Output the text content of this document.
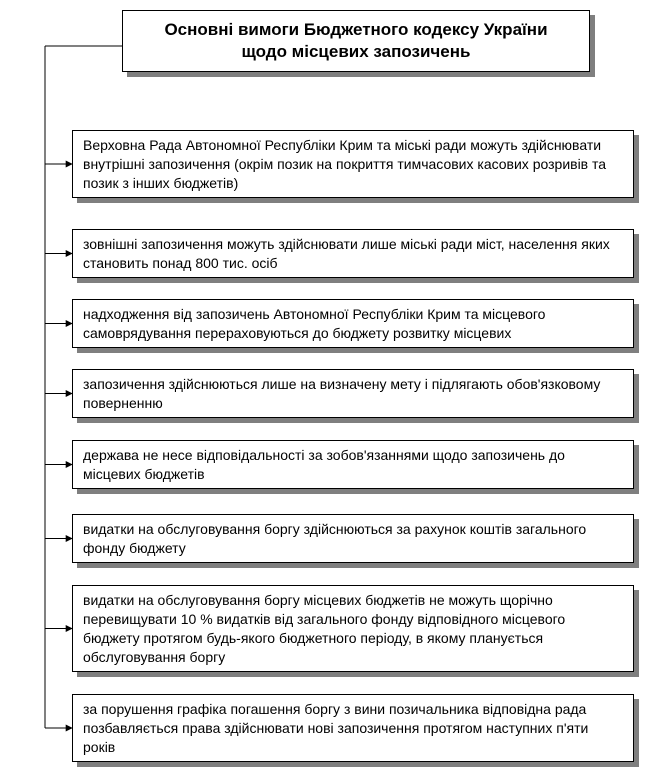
Основні вимоги Бюджетного кодексу України
щодо місцевих запозичень
Верховна Рада Автономної Республіки Крим та міські ради можуть здійснювати внутрішні запозичення (окрім позик на покриття тимчасових касових розривів та позик з інших бюджетів)
зовнішні запозичення можуть здійснювати лише міські ради міст, населення яких становить понад 800 тис. осіб
надходження від запозичень Автономної Республіки Крим та місцевого самоврядування перераховуються до бюджету розвитку місцевих
запозичення здійснюються лише на визначену мету і підлягають обов'язковому поверненню
держава не несе відповідальності за зобов'язаннями щодо запозичень до місцевих бюджетів
видатки на обслуговування боргу здійснюються за рахунок коштів загального фонду бюджету
видатки на обслуговування боргу місцевих бюджетів не можуть щорічно перевищувати 10 % видатків від загального фонду відповідного місцевого бюджету протягом будь-якого бюджетного періоду, в якому планується обслуговування боргу
за порушення графіка погашення боргу з вини позичальника відповідна рада позбавляється права здійснювати нові запозичення протягом наступних п'яти років
